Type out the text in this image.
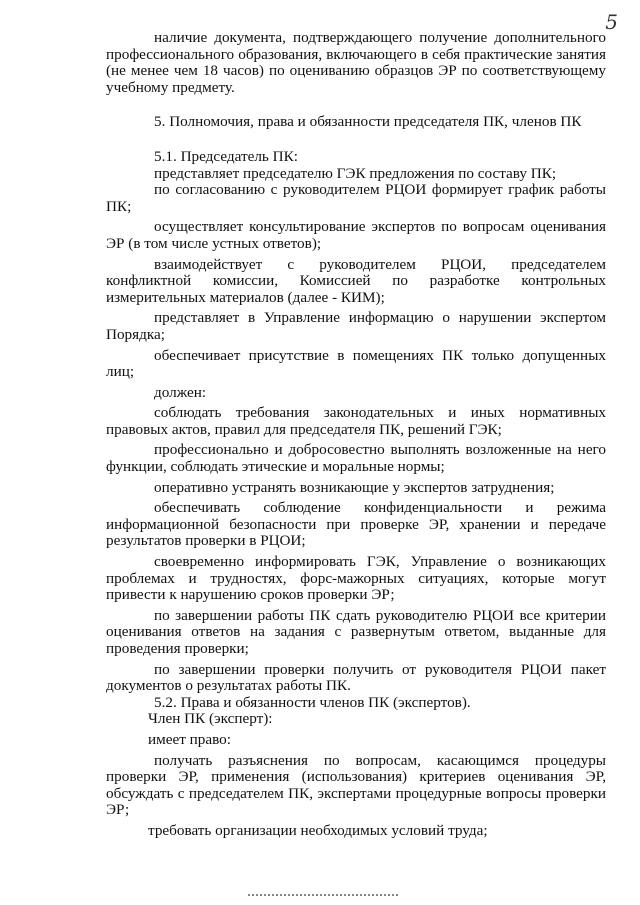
5

наличие документа, подтверждающего получение дополнительного профессионального образования, включающего в себя практические занятия (не менее чем 18 часов) по оцениванию образцов ЭР по соответствующему учебному предмету.

5. Полномочия, права и обязанности председателя ПК, членов ПК

5.1. Председатель ПК:

представляет председателю ГЭК предложения по составу ПК;

по согласованию с руководителем РЦОИ формирует график работы ПК;

осуществляет консультирование экспертов по вопросам оценивания ЭР (в том числе устных ответов);

взаимодействует с руководителем РЦОИ, председателем конфликтной комиссии, Комиссией по разработке контрольных измерительных материалов (далее - КИМ);

представляет в Управление информацию о нарушении экспертом Порядка;

обеспечивает присутствие в помещениях ПК только допущенных лиц;

должен:

соблюдать требования законодательных и иных нормативных правовых актов, правил для председателя ПК, решений ГЭК;

профессионально и добросовестно выполнять возложенные на него функции, соблюдать этические и моральные нормы;

оперативно устранять возникающие у экспертов затруднения;

обеспечивать соблюдение конфиденциальности и режима информационной безопасности при проверке ЭР, хранении и передаче результатов проверки в РЦОИ;

своевременно информировать ГЭК, Управление о возникающих проблемах и трудностях, форс-мажорных ситуациях, которые могут привести к нарушению сроков проверки ЭР;

по завершении работы ПК сдать руководителю РЦОИ все критерии оценивания ответов на задания с развернутым ответом, выданные для проведения проверки;

по завершении проверки получить от руководителя РЦОИ пакет документов о результатах работы ПК.

5.2. Права и обязанности членов ПК (экспертов).

Член ПК (эксперт):

имеет право:

получать разъяснения по вопросам, касающимся процедуры проверки ЭР, применения (использования) критериев оценивания ЭР, обсуждать с председателем ПК, экспертами процедурные вопросы проверки ЭР;

требовать организации необходимых условий труда;
